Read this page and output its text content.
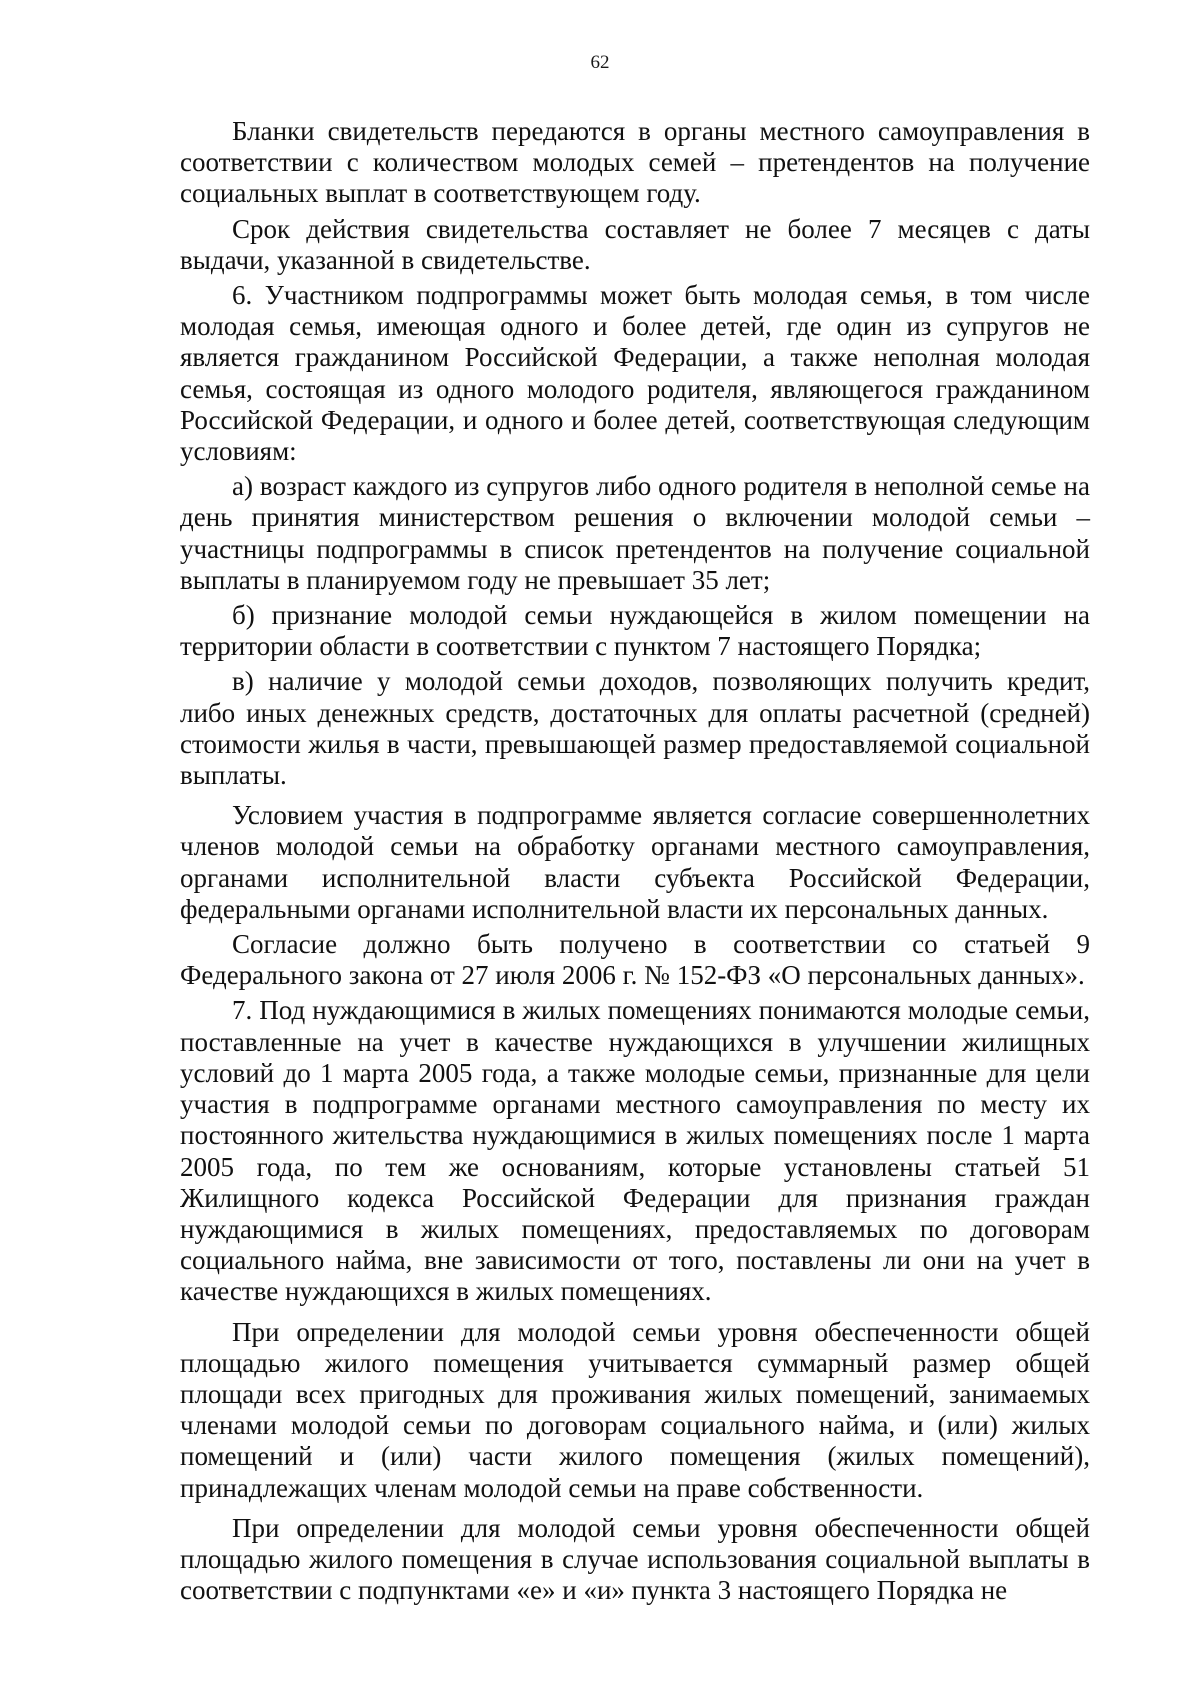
62

Бланки свидетельств передаются в органы местного самоуправления в соответствии с количеством молодых семей – претендентов на получение социальных выплат в соответствующем году.

Срок действия свидетельства составляет не более 7 месяцев с даты выдачи, указанной в свидетельстве.

6. Участником подпрограммы может быть молодая семья, в том числе молодая семья, имеющая одного и более детей, где один из супругов не является гражданином Российской Федерации, а также неполная молодая семья, состоящая из одного молодого родителя, являющегося гражданином Российской Федерации, и одного и более детей, соответствующая следующим условиям:

а) возраст каждого из супругов либо одного родителя в неполной семье на день принятия министерством решения о включении молодой семьи – участницы подпрограммы в список претендентов на получение социальной выплаты в планируемом году не превышает 35 лет;

б) признание молодой семьи нуждающейся в жилом помещении на территории области в соответствии с пунктом 7 настоящего Порядка;

в) наличие у молодой семьи доходов, позволяющих получить кредит, либо иных денежных средств, достаточных для оплаты расчетной (средней) стоимости жилья в части, превышающей размер предоставляемой социальной выплаты.

Условием участия в подпрограмме является согласие совершеннолетних членов молодой семьи на обработку органами местного самоуправления, органами исполнительной власти субъекта Российской Федерации, федеральными органами исполнительной власти их персональных данных.

Согласие должно быть получено в соответствии со статьей 9 Федерального закона от 27 июля 2006 г. № 152-ФЗ «О персональных данных».

7. Под нуждающимися в жилых помещениях понимаются молодые семьи, поставленные на учет в качестве нуждающихся в улучшении жилищных условий до 1 марта 2005 года, а также молодые семьи, признанные для цели участия в подпрограмме органами местного самоуправления по месту их постоянного жительства нуждающимися в жилых помещениях после 1 марта 2005 года, по тем же основаниям, которые установлены статьей 51 Жилищного кодекса Российской Федерации для признания граждан нуждающимися в жилых помещениях, предоставляемых по договорам социального найма, вне зависимости от того, поставлены ли они на учет в качестве нуждающихся в жилых помещениях.

При определении для молодой семьи уровня обеспеченности общей площадью жилого помещения учитывается суммарный размер общей площади всех пригодных для проживания жилых помещений, занимаемых членами молодой семьи по договорам социального найма, и (или) жилых помещений и (или) части жилого помещения (жилых помещений), принадлежащих членам молодой семьи на праве собственности.

При определении для молодой семьи уровня обеспеченности общей площадью жилого помещения в случае использования социальной выплаты в соответствии с подпунктами «е» и «и» пункта 3 настоящего Порядка не
